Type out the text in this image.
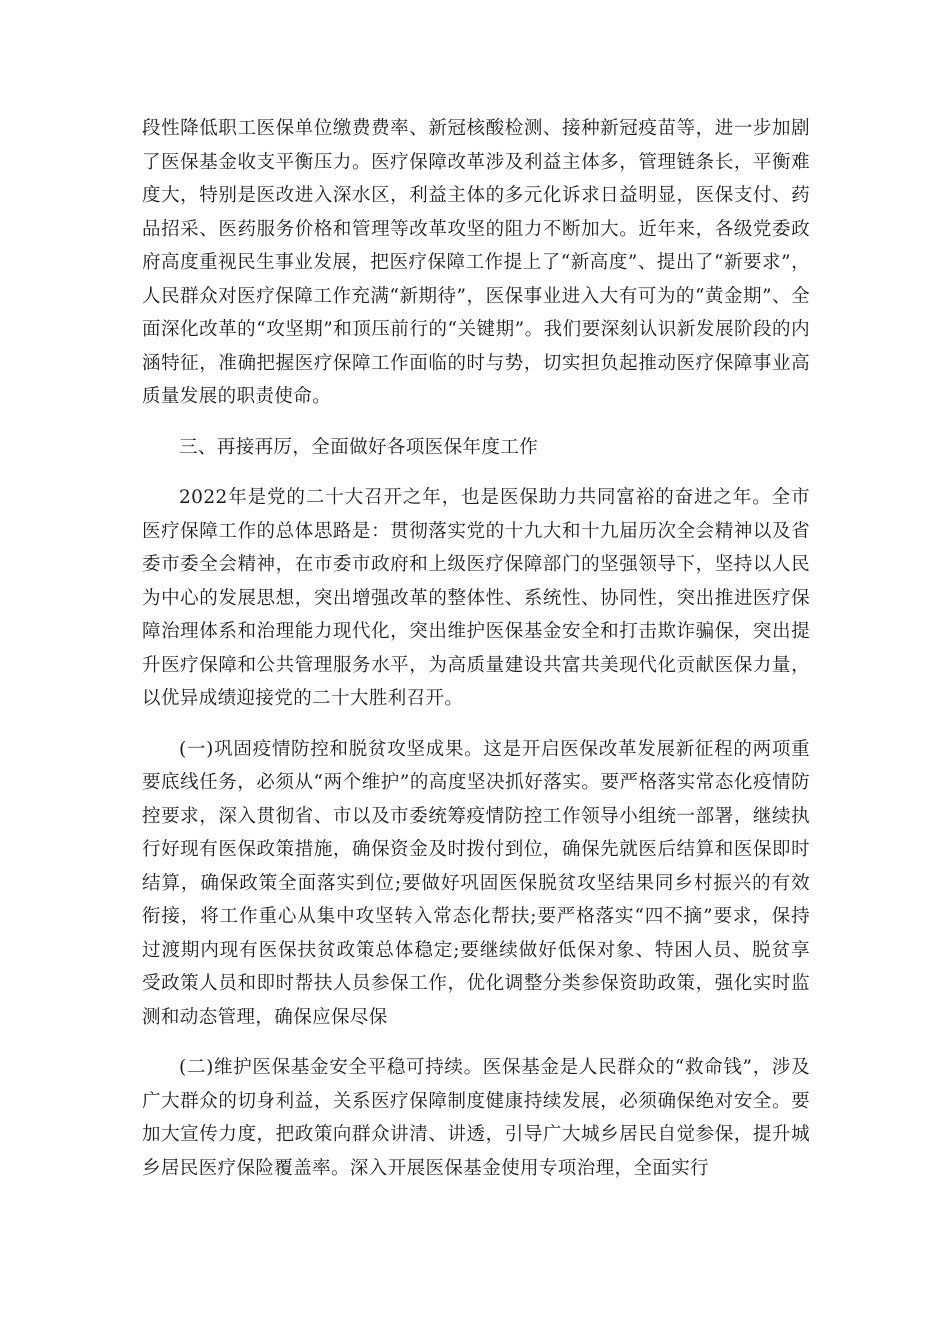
段性降低职工医保单位缴费费率、新冠核酸检测、接种新冠疫苗等，进一步加剧了医保基金收支平衡压力。医疗保障改革涉及利益主体多，管理链条长，平衡难度大，特别是医改进入深水区，利益主体的多元化诉求日益明显，医保支付、药品招采、医药服务价格和管理等改革攻坚的阻力不断加大。近年来，各级党委政府高度重视民生事业发展，把医疗保障工作提上了“新高度”、提出了“新要求”，人民群众对医疗保障工作充满“新期待”，医保事业进入大有可为的“黄金期”、全面深化改革的“攻坚期”和顶压前行的“关键期”。我们要深刻认识新发展阶段的内涵特征，准确把握医疗保障工作面临的时与势，切实担负起推动医疗保障事业高质量发展的职责使命。

三、再接再厉，全面做好各项医保年度工作

2022年是党的二十大召开之年，也是医保助力共同富裕的奋进之年。全市医疗保障工作的总体思路是：贯彻落实党的十九大和十九届历次全会精神以及省委市委全会精神，在市委市政府和上级医疗保障部门的坚强领导下，坚持以人民为中心的发展思想，突出增强改革的整体性、系统性、协同性，突出推进医疗保障治理体系和治理能力现代化，突出维护医保基金安全和打击欺诈骗保，突出提升医疗保障和公共管理服务水平，为高质量建设共富共美现代化贡献医保力量，以优异成绩迎接党的二十大胜利召开。

(一)巩固疫情防控和脱贫攻坚成果。这是开启医保改革发展新征程的两项重要底线任务，必须从“两个维护”的高度坚决抓好落实。要严格落实常态化疫情防控要求，深入贯彻省、市以及市委统筹疫情防控工作领导小组统一部署，继续执行好现有医保政策措施，确保资金及时拨付到位，确保先就医后结算和医保即时结算，确保政策全面落实到位;要做好巩固医保脱贫攻坚结果同乡村振兴的有效衔接，将工作重心从集中攻坚转入常态化帮扶;要严格落实“四不摘”要求，保持过渡期内现有医保扶贫政策总体稳定;要继续做好低保对象、特困人员、脱贫享受政策人员和即时帮扶人员参保工作，优化调整分类参保资助政策，强化实时监测和动态管理，确保应保尽保

(二)维护医保基金安全平稳可持续。医保基金是人民群众的“救命钱”，涉及广大群众的切身利益，关系医疗保障制度健康持续发展，必须确保绝对安全。要加大宣传力度，把政策向群众讲清、讲透，引导广大城乡居民自觉参保，提升城乡居民医疗保险覆盖率。深入开展医保基金使用专项治理，全面实行
